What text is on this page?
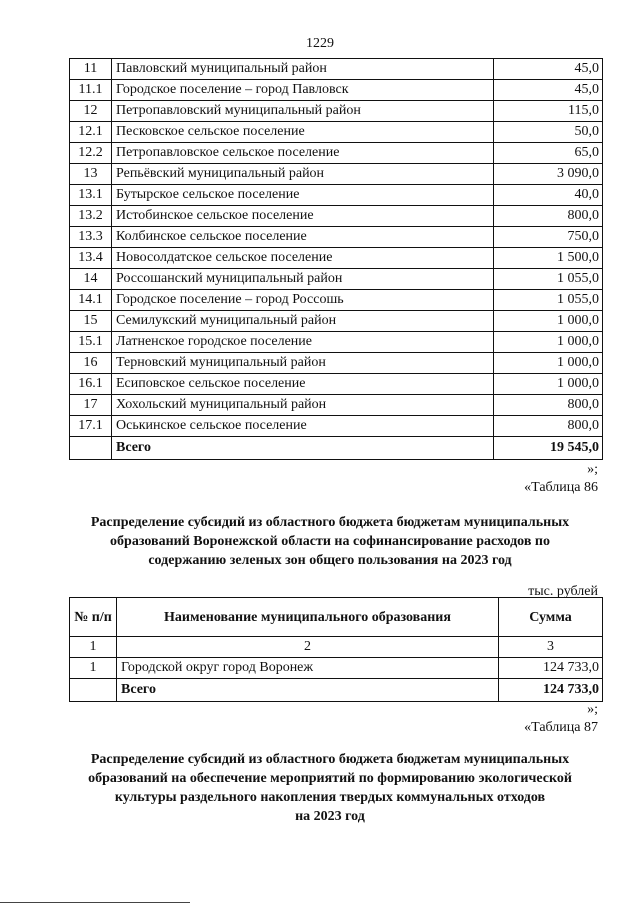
1229
11	Павловский муниципальный район	45,0
11.1	Городское поселение – город Павловск	45,0
12	Петропавловский муниципальный район	115,0
12.1	Песковское сельское поселение	50,0
12.2	Петропавловское сельское поселение	65,0
13	Репьёвский муниципальный район	3 090,0
13.1	Бутырское сельское поселение	40,0
13.2	Истобинское сельское поселение	800,0
13.3	Колбинское сельское поселение	750,0
13.4	Новосолдатское сельское поселение	1 500,0
14	Россошанский муниципальный район	1 055,0
14.1	Городское поселение – город Россошь	1 055,0
15	Семилукский муниципальный район	1 000,0
15.1	Латненское городское поселение	1 000,0
16	Терновский муниципальный район	1 000,0
16.1	Есиповское сельское поселение	1 000,0
17	Хохольский муниципальный район	800,0
17.1	Оськинское сельское поселение	800,0
	Всего	19 545,0
»;
«Таблица 86
Распределение субсидий из областного бюджета бюджетам муниципальных
образований Воронежской области на софинансирование расходов по
содержанию зеленых зон общего пользования на 2023 год
тыс. рублей
№ п/п	Наименование муниципального образования	Сумма
1	2	3
1	Городской округ город Воронеж	124 733,0
	Всего	124 733,0
»;
«Таблица 87
Распределение субсидий из областного бюджета бюджетам муниципальных
образований на обеспечение мероприятий по формированию экологической
культуры раздельного накопления твердых коммунальных отходов
на 2023 год
